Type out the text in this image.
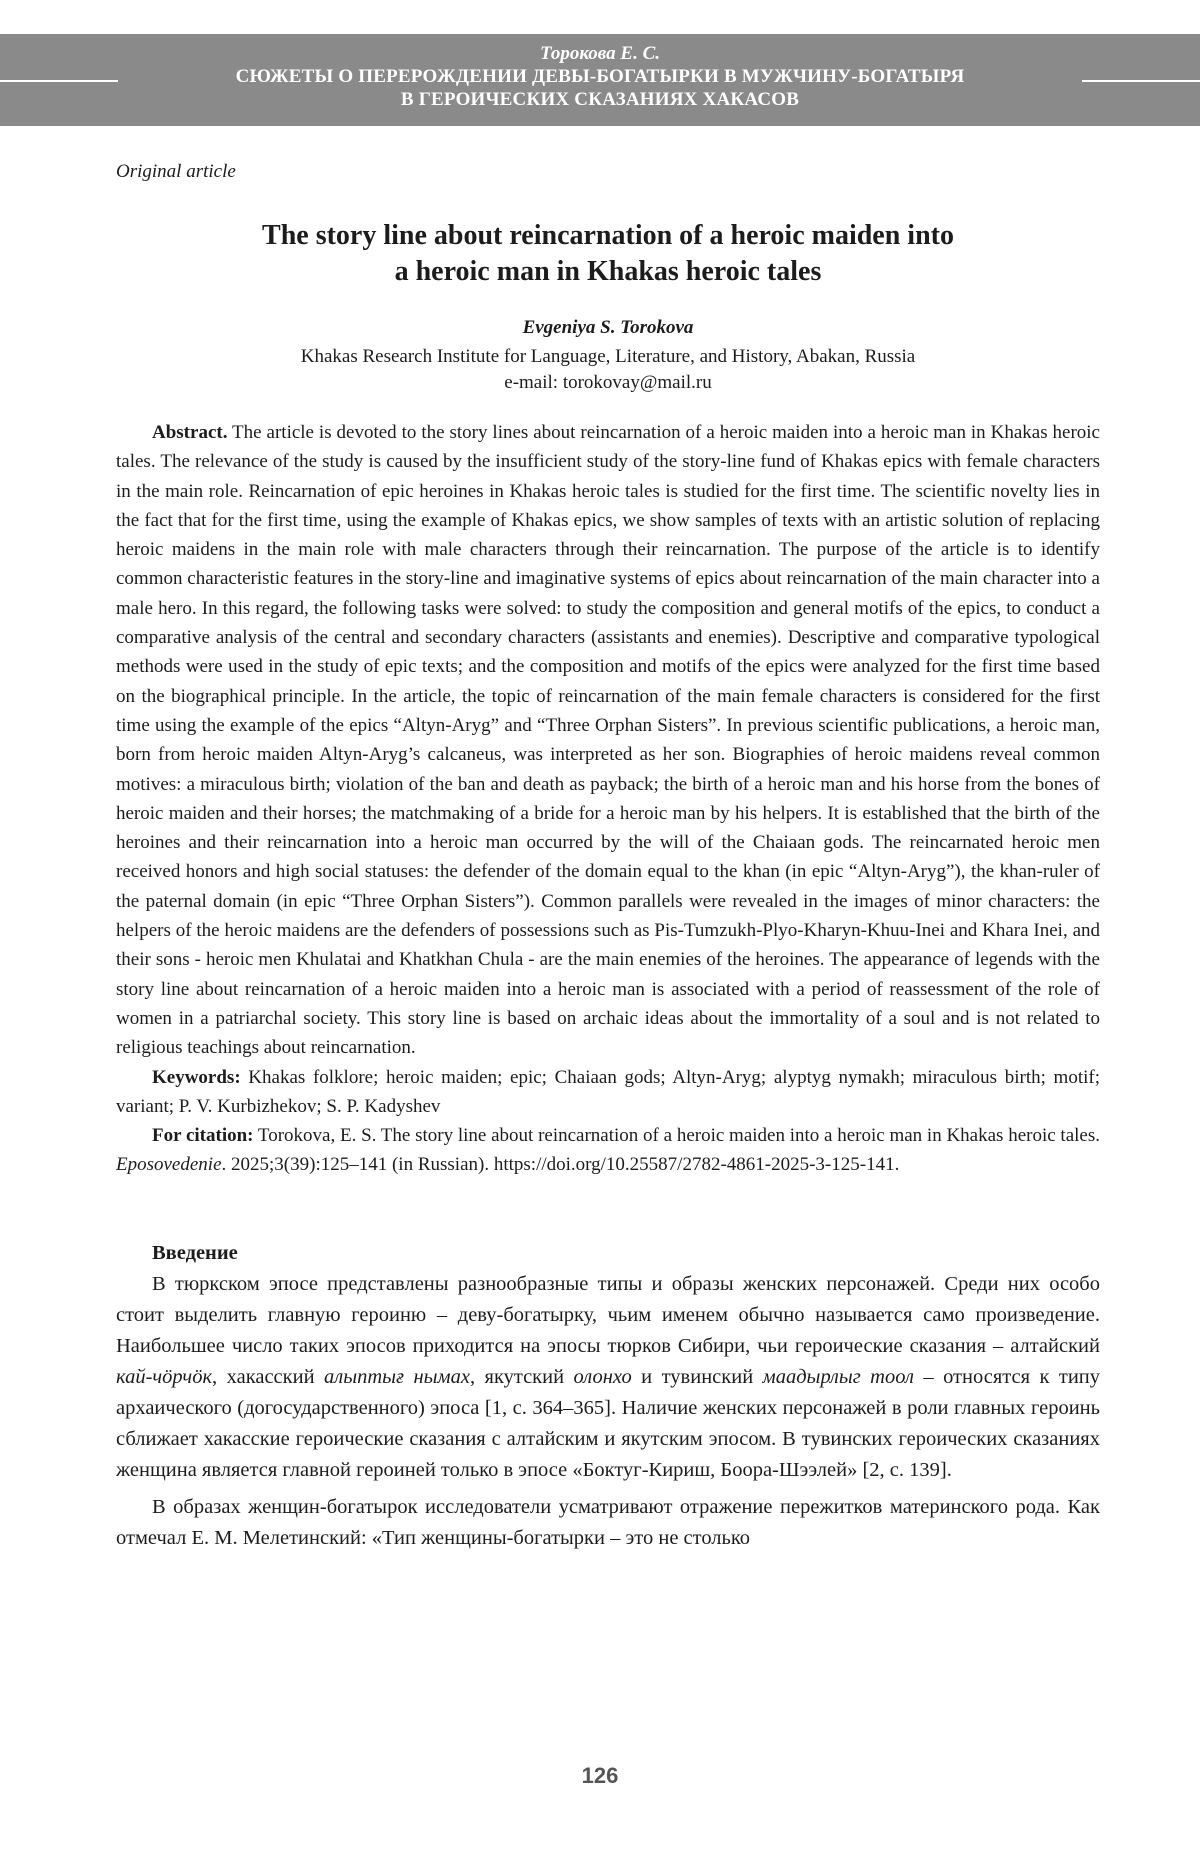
Торокова Е. С.
СЮЖЕТЫ О ПЕРЕРОЖДЕНИИ ДЕВЫ-БОГАТЫРКИ В МУЖЧИНУ-БОГАТЫРЯ
В ГЕРОИЧЕСКИХ СКАЗАНИЯХ ХАКАСОВ
Original article
The story line about reincarnation of a heroic maiden into
a heroic man in Khakas heroic tales
Evgeniya S. Torokova
Khakas Research Institute for Language, Literature, and History, Abakan, Russia
e-mail: torokovay@mail.ru

Abstract. The article is devoted to the story lines about reincarnation of a heroic maiden into a heroic man in Khakas heroic tales. The relevance of the study is caused by the insufficient study of the story-line fund of Khakas epics with female characters in the main role. Reincarnation of epic heroines in Khakas heroic tales is studied for the first time. The scientific novelty lies in the fact that for the first time, using the example of Khakas epics, we show samples of texts with an artistic solution of replacing heroic maidens in the main role with male characters through their reincarnation. The purpose of the article is to identify common characteristic features in the story-line and imaginative systems of epics about reincarnation of the main character into a male hero. In this regard, the following tasks were solved: to study the composition and general motifs of the epics, to conduct a comparative analysis of the central and secondary characters (assistants and enemies). Descriptive and comparative typological methods were used in the study of epic texts; and the composition and motifs of the epics were analyzed for the first time based on the biographical principle. In the article, the topic of reincarnation of the main female characters is considered for the first time using the example of the epics “Altyn-Aryg” and “Three Orphan Sisters”. In previous scientific publications, a heroic man, born from heroic maiden Altyn-Aryg’s calcaneus, was interpreted as her son. Biographies of heroic maidens reveal common motives: a miraculous birth; violation of the ban and death as payback; the birth of a heroic man and his horse from the bones of heroic maiden and their horses; the matchmaking of a bride for a heroic man by his helpers. It is established that the birth of the heroines and their reincarnation into a heroic man occurred by the will of the Chaiaan gods. The reincarnated heroic men received honors and high social statuses: the defender of the domain equal to the khan (in epic “Altyn-Aryg”), the khan-ruler of the paternal domain (in epic “Three Orphan Sisters”). Common parallels were revealed in the images of minor characters: the helpers of the heroic maidens are the defenders of possessions such as Pis-Tumzukh-Plyo-Kharyn-Khuu-Inei and Khara Inei, and their sons - heroic men Khulatai and Khatkhan Chula - are the main enemies of the heroines. The appearance of legends with the story line about reincarnation of a heroic maiden into a heroic man is associated with a period of reassessment of the role of women in a patriarchal society. This story line is based on archaic ideas about the immortality of a soul and is not related to religious teachings about reincarnation.

Keywords: Khakas folklore; heroic maiden; epic; Chaiaan gods; Altyn-Aryg; alyptyg nymakh; miraculous birth; motif; variant; P. V. Kurbizhekov; S. P. Kadyshev

For citation: Torokova, E. S. The story line about reincarnation of a heroic maiden into a heroic man in Khakas heroic tales. Eposovedenie. 2025;3(39):125–141 (in Russian). https://doi.org/10.25587/2782-4861-2025-3-125-141.

Введение

В тюркском эпосе представлены разнообразные типы и образы женских персонажей. Среди них особо стоит выделить главную героиню – деву-богатырку, чьим именем обычно называется само произведение. Наибольшее число таких эпосов приходится на эпосы тюрков Сибири, чьи героические сказания – алтайский кай-чӧрчӧк, хакасский алыптығ нымах, якутский олонхо и тувинский маадырлыг тоол – относятся к типу архаического (догосударственного) эпоса [1, с. 364–365]. Наличие женских персонажей в роли главных героинь сближает хакасские героические сказания с алтайским и якутским эпосом. В тувинских героических сказаниях женщина является главной героиней только в эпосе «Боктуг-Кириш, Боора-Шээлей» [2, с. 139].

В образах женщин-богатырок исследователи усматривают отражение пережитков материнского рода. Как отмечал Е. М. Мелетинский: «Тип женщины-богатырки – это не столько

126
